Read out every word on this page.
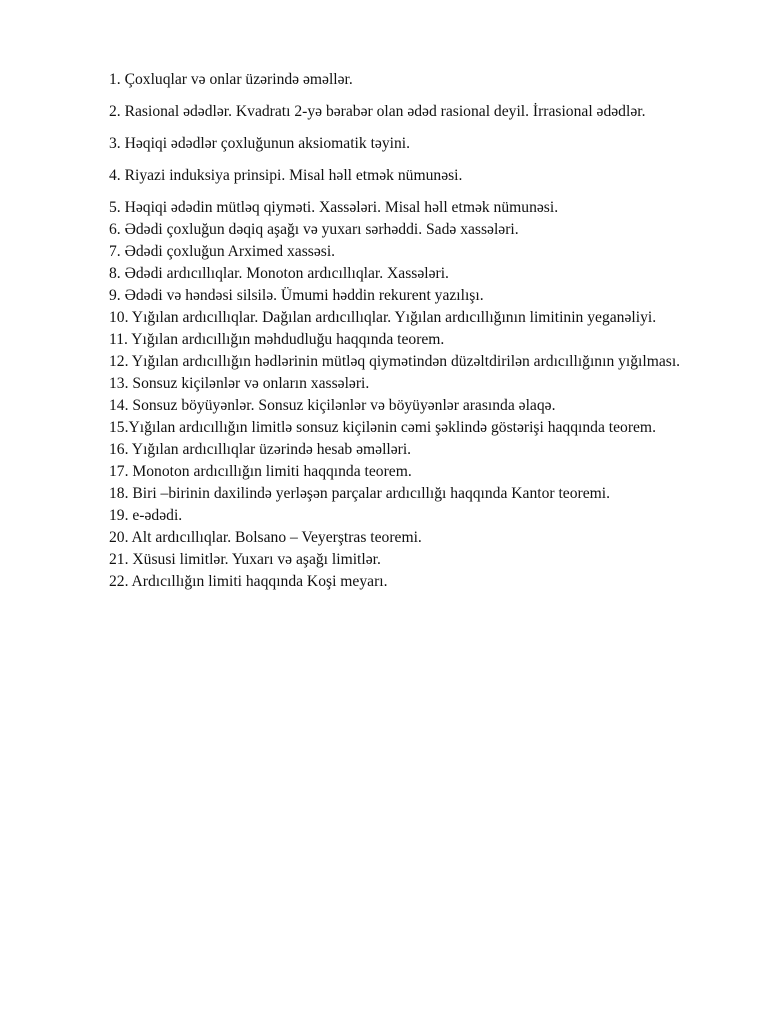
1. Çoxluqlar və onlar üzərində əməllər.

2. Rasional ədədlər. Kvadratı 2-yə bərabər olan ədəd rasional deyil. İrrasional ədədlər.

3. Həqiqi ədədlər çoxluğunun aksiomatik təyini.

4. Riyazi induksiya prinsipi. Misal həll etmək nümunəsi.

5. Həqiqi ədədin mütləq qiyməti. Xassələri. Misal həll etmək nümunəsi.

6. Ədədi çoxluğun dəqiq aşağı və yuxarı sərhəddi. Sadə xassələri.

7. Ədədi çoxluğun Arximed xassəsi.

8. Ədədi ardıcıllıqlar. Monoton ardıcıllıqlar. Xassələri.

9. Ədədi və həndəsi silsilə. Ümumi həddin rekurent yazılışı.

10. Yığılan ardıcıllıqlar. Dağılan ardıcıllıqlar. Yığılan ardıcıllığının limitinin yeganəliyi.

11. Yığılan ardıcıllığın məhdudluğu haqqında teorem.

12. Yığılan ardıcıllığın hədlərinin mütləq qiymətindən düzəltdirilən ardıcıllığının yığılması.

13. Sonsuz kiçilənlər və onların xassələri.

14. Sonsuz böyüyənlər. Sonsuz kiçilənlər və böyüyənlər arasında əlaqə.

15.Yığılan ardıcıllığın limitlə sonsuz kiçilənin cəmi şəklində göstərişi haqqında teorem.

16. Yığılan ardıcıllıqlar üzərində hesab əməlləri.

17. Monoton ardıcıllığın limiti haqqında teorem.

18. Biri –birinin daxilində yerləşən parçalar ardıcıllığı haqqında Kantor teoremi.

19. e-ədədi.

20. Alt ardıcıllıqlar. Bolsano – Veyerştras teoremi.

21. Xüsusi limitlər. Yuxarı və aşağı limitlər.

22. Ardıcıllığın limiti haqqında Koşi meyarı.
